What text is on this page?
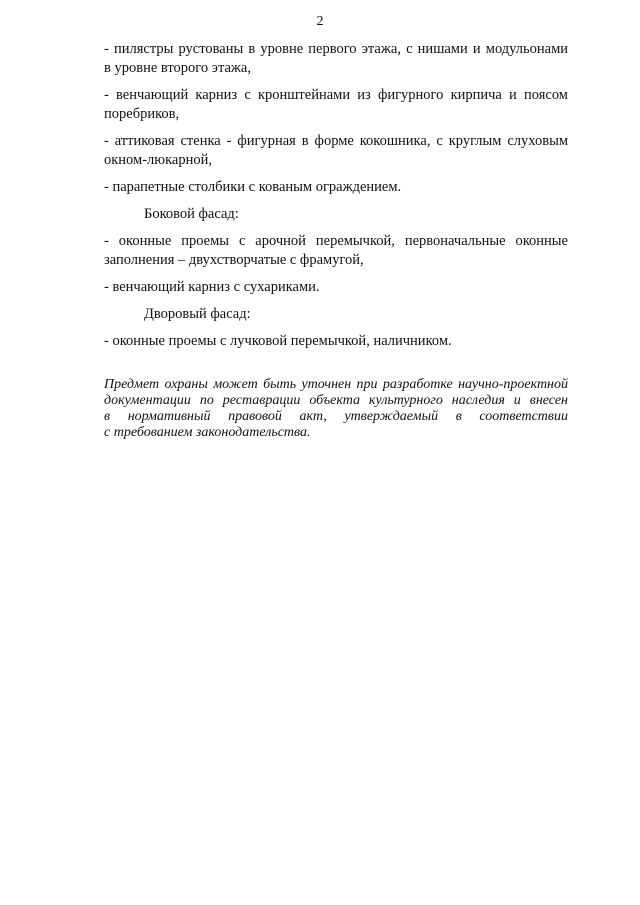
2

- пилястры рустованы в уровне первого этажа, с нишами и модульонами
в уровне второго этажа,

- венчающий карниз с кронштейнами из фигурного кирпича и поясом
поребриков,

- аттиковая стенка - фигурная в форме кокошника, с круглым слуховым
окном-люкарной,

- парапетные столбики с кованым ограждением.

Боковой фасад:

- оконные проемы с арочной перемычкой, первоначальные оконные
заполнения – двухстворчатые с фрамугой,

- венчающий карниз с сухариками.

Дворовый фасад:

- оконные проемы с лучковой перемычкой, наличником.

Предмет охраны может быть уточнен при разработке научно-проектной
документации по реставрации объекта культурного наследия и внесен
в нормативный правовой акт, утверждаемый в соответствии
с требованием законодательства.
